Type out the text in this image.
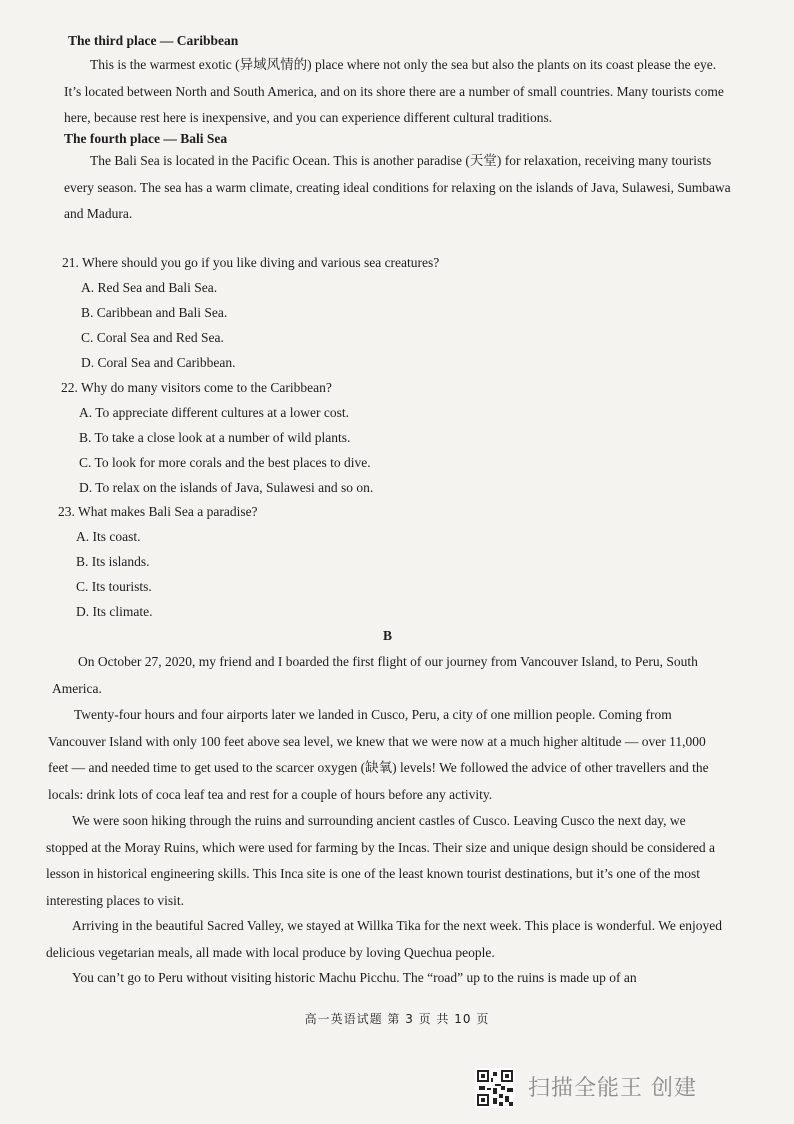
The third place — Caribbean
This is the warmest exotic (异域风情的) place where not only the sea but also the plants on its coast please the eye. It’s located between North and South America, and on its shore there are a number of small countries. Many tourists come here, because rest here is inexpensive, and you can experience different cultural traditions.
The fourth place — Bali Sea
The Bali Sea is located in the Pacific Ocean. This is another paradise (天堂) for relaxation, receiving many tourists every season. The sea has a warm climate, creating ideal conditions for relaxing on the islands of Java, Sulawesi, Sumbawa and Madura.
21. Where should you go if you like diving and various sea creatures?
A. Red Sea and Bali Sea.
B. Caribbean and Bali Sea.
C. Coral Sea and Red Sea.
D. Coral Sea and Caribbean.
22. Why do many visitors come to the Caribbean?
A. To appreciate different cultures at a lower cost.
B. To take a close look at a number of wild plants.
C. To look for more corals and the best places to dive.
D. To relax on the islands of Java, Sulawesi and so on.
23. What makes Bali Sea a paradise?
A. Its coast.
B. Its islands.
C. Its tourists.
D. Its climate.
B
On October 27, 2020, my friend and I boarded the first flight of our journey from Vancouver Island, to Peru, South America.
Twenty-four hours and four airports later we landed in Cusco, Peru, a city of one million people. Coming from Vancouver Island with only 100 feet above sea level, we knew that we were now at a much higher altitude — over 11,000 feet — and needed time to get used to the scarcer oxygen (缺氧) levels! We followed the advice of other travellers and the locals: drink lots of coca leaf tea and rest for a couple of hours before any activity.
We were soon hiking through the ruins and surrounding ancient castles of Cusco. Leaving Cusco the next day, we stopped at the Moray Ruins, which were used for farming by the Incas. Their size and unique design should be considered a lesson in historical engineering skills. This Inca site is one of the least known tourist destinations, but it’s one of the most interesting places to visit.
Arriving in the beautiful Sacred Valley, we stayed at Willka Tika for the next week. This place is wonderful. We enjoyed delicious vegetarian meals, all made with local produce by loving Quechua people.
You can’t go to Peru without visiting historic Machu Picchu. The “road” up to the ruins is made up of an
高一英语试题 第 3 页 共 10 页
扫描全能王 创建
